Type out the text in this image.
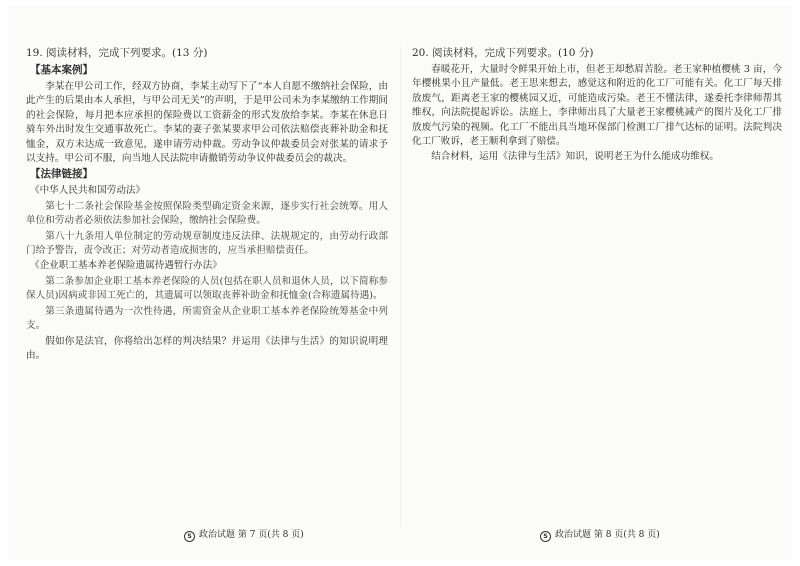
19. 阅读材料，完成下列要求。(13 分)
【基本案例】

李某在甲公司工作，经双方协商，李某主动写下了“本人自愿不缴纳社会保险，由此产生的后果由本人承担，与甲公司无关”的声明，于是甲公司未为李某缴纳工作期间的社会保险，每月把本应承担的保险费以工资薪金的形式发放给李某。李某在休息日骑车外出时发生交通事故死亡。李某的妻子张某要求甲公司依法赔偿丧葬补助金和抚恤金，双方未达成一致意见，遂申请劳动仲裁。劳动争议仲裁委员会对张某的请求予以支持。甲公司不服，向当地人民法院申请撤销劳动争议仲裁委员会的裁决。

【法律链接】
《中华人民共和国劳动法》

第七十二条社会保险基金按照保险类型确定资金来源，逐步实行社会统筹。用人单位和劳动者必须依法参加社会保险，缴纳社会保险费。

第八十九条用人单位制定的劳动规章制度违反法律、法规规定的，由劳动行政部门给予警告，责令改正；对劳动者造成损害的，应当承担赔偿责任。

《企业职工基本养老保险遗属待遇暂行办法》

第二条参加企业职工基本养老保险的人员(包括在职人员和退休人员，以下简称参保人员)因病或非因工死亡的，其遗属可以领取丧葬补助金和抚恤金(合称遗属待遇)。

第三条遗属待遇为一次性待遇，所需资金从企业职工基本养老保险统筹基金中列支。

假如你是法官，你将给出怎样的判决结果？并运用《法律与生活》的知识说明理由。

20. 阅读材料，完成下列要求。(10 分)

春暖花开，大量时令鲜果开始上市，但老王却愁眉苦脸。老王家种植樱桃 3 亩，今年樱桃果小且产量低。老王思来想去，感觉这和附近的化工厂可能有关。化工厂每天排放废气，距离老王家的樱桃园又近，可能造成污染。老王不懂法律，遂委托李律师帮其维权，向法院提起诉讼。法庭上，李律师出具了大量老王家樱桃减产的图片及化工厂排放废气污染的视频。化工厂不能出具当地环保部门检测工厂排气达标的证明。法院判决化工厂败诉，老王顺利拿到了赔偿。

结合材料，运用《法律与生活》知识，说明老王为什么能成功维权。

S 政治试题 第 7 页(共 8 页)	S 政治试题 第 8 页(共 8 页)
